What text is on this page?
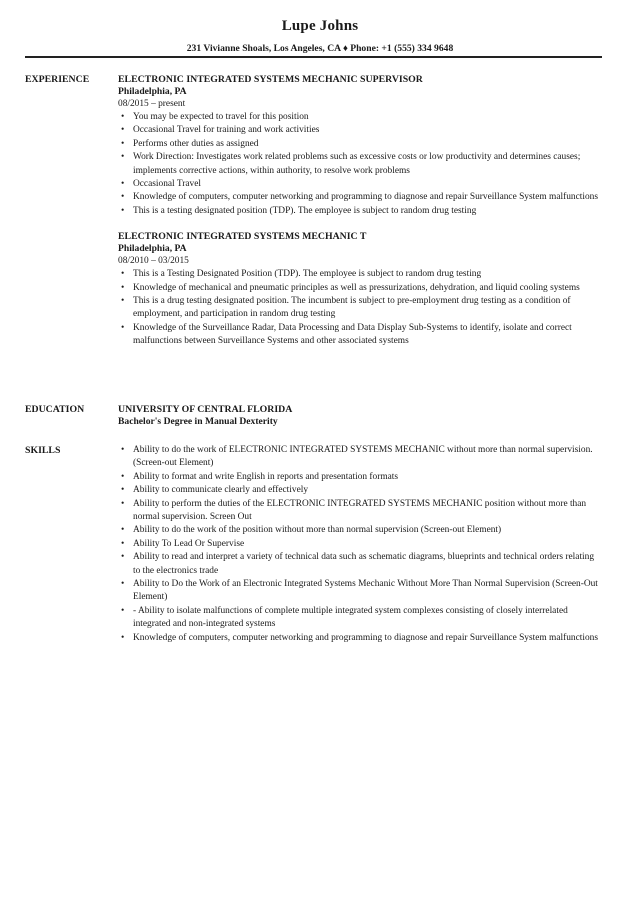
Lupe Johns
231 Vivianne Shoals, Los Angeles, CA ♦ Phone: +1 (555) 334 9648
EXPERIENCE	ELECTRONIC INTEGRATED SYSTEMS MECHANIC SUPERVISOR
Philadelphia, PA
08/2015 – present
• You may be expected to travel for this position
• Occasional Travel for training and work activities
• Performs other duties as assigned
• Work Direction: Investigates work related problems such as excessive costs or low productivity and determines causes; implements corrective actions, within authority, to resolve work problems
• Occasional Travel
• Knowledge of computers, computer networking and programming to diagnose and repair Surveillance System malfunctions
• This is a testing designated position (TDP). The employee is subject to random drug testing
ELECTRONIC INTEGRATED SYSTEMS MECHANIC T
Philadelphia, PA
08/2010 – 03/2015
• This is a Testing Designated Position (TDP). The employee is subject to random drug testing
• Knowledge of mechanical and pneumatic principles as well as pressurizations, dehydration, and liquid cooling systems
• This is a drug testing designated position. The incumbent is subject to pre-employment drug testing as a condition of employment, and participation in random drug testing
• Knowledge of the Surveillance Radar, Data Processing and Data Display Sub-Systems to identify, isolate and correct malfunctions between Surveillance Systems and other associated systems
EDUCATION	UNIVERSITY OF CENTRAL FLORIDA
Bachelor's Degree in Manual Dexterity
SKILLS	• Ability to do the work of ELECTRONIC INTEGRATED SYSTEMS MECHANIC without more than normal supervision. (Screen-out Element)
• Ability to format and write English in reports and presentation formats
• Ability to communicate clearly and effectively
• Ability to perform the duties of the ELECTRONIC INTEGRATED SYSTEMS MECHANIC position without more than normal supervision. Screen Out
• Ability to do the work of the position without more than normal supervision (Screen-out Element)
• Ability To Lead Or Supervise
• Ability to read and interpret a variety of technical data such as schematic diagrams, blueprints and technical orders relating to the electronics trade
• Ability to Do the Work of an Electronic Integrated Systems Mechanic Without More Than Normal Supervision (Screen-Out Element)
• - Ability to isolate malfunctions of complete multiple integrated system complexes consisting of closely interrelated integrated and non-integrated systems
• Knowledge of computers, computer networking and programming to diagnose and repair Surveillance System malfunctions
